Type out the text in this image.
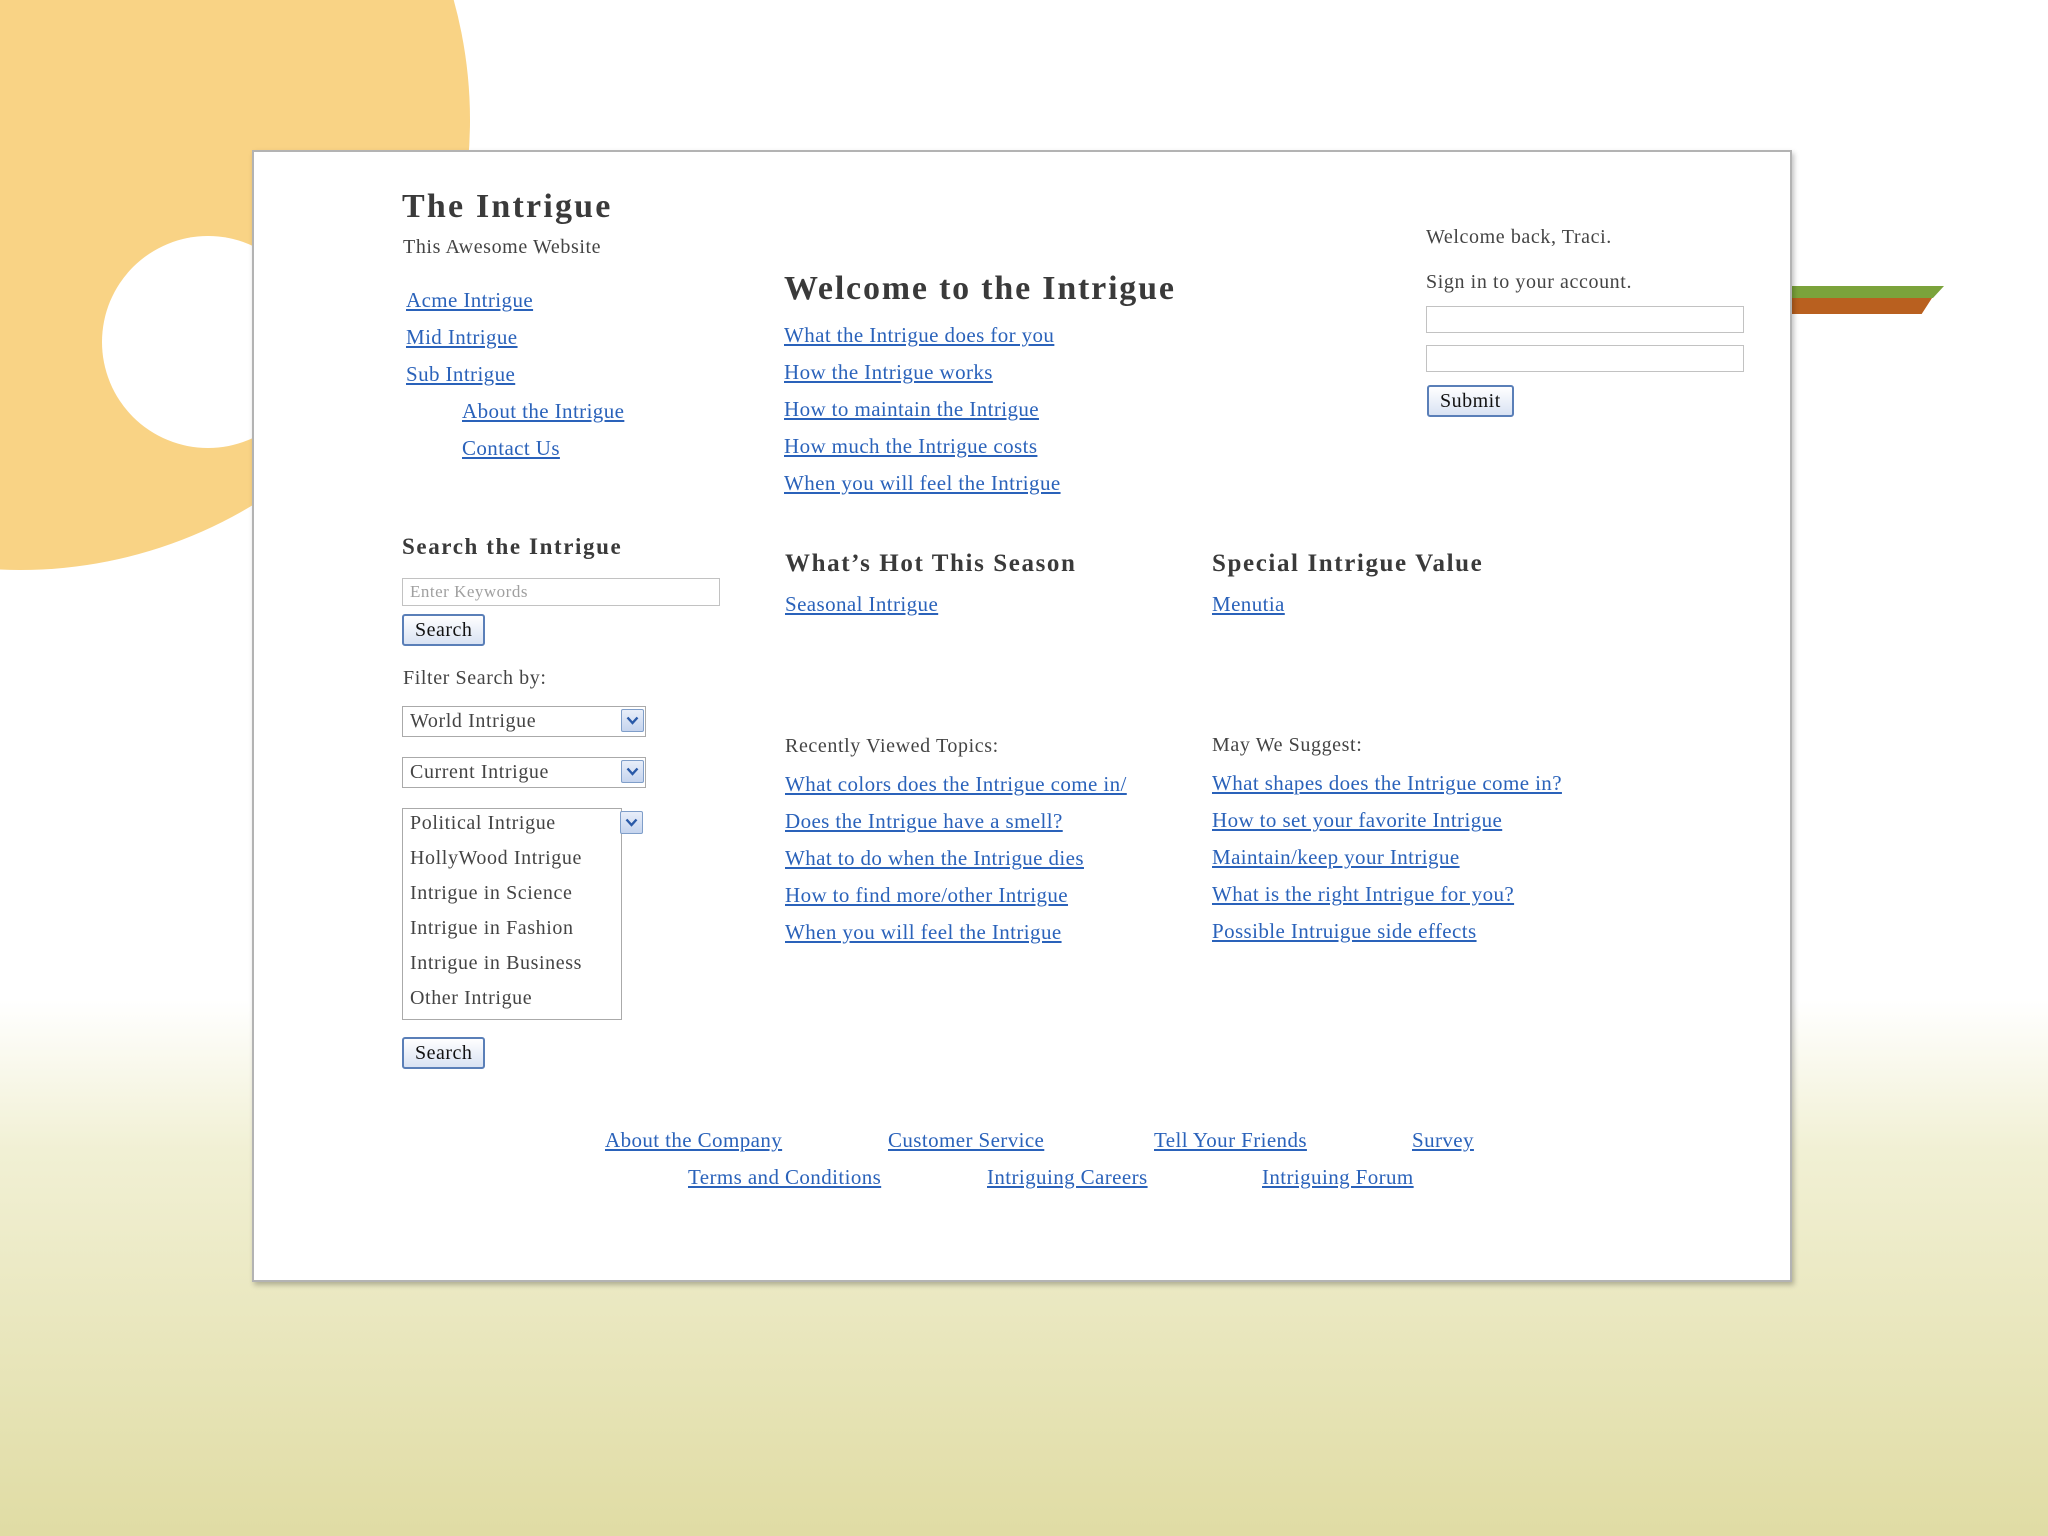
The Intrigue
This Awesome Website
Acme Intrigue
Mid Intrigue
Sub Intrigue
About the Intrigue
Contact Us
Search the Intrigue
Enter Keywords
Search
Filter Search by:
World Intrigue
Current Intrigue
Political Intrigue
HollyWood Intrigue
Intrigue in Science
Intrigue in Fashion
Intrigue in Business
Other Intrigue
Search
Welcome to the Intrigue
What the Intrigue does for you
How the Intrigue works
How to maintain the Intrigue
How much the Intrigue costs
When you will feel the Intrigue
Welcome back, Traci.
Sign in to your account.
Submit
What’s Hot This Season
Seasonal Intrigue
Special Intrigue Value
Menutia
Recently Viewed Topics:
What colors does the Intrigue come in/
Does the Intrigue have a smell?
What to do when the Intrigue dies
How to find more/other Intrigue
When you will feel the Intrigue
May We Suggest:
What shapes does the Intrigue come in?
How to set your favorite Intrigue
Maintain/keep your Intrigue
What is the right Intrigue for you?
Possible Intruigue side effects
About the Company	Customer Service	Tell Your Friends	Survey
Terms and Conditions	Intriguing Careers	Intriguing Forum
